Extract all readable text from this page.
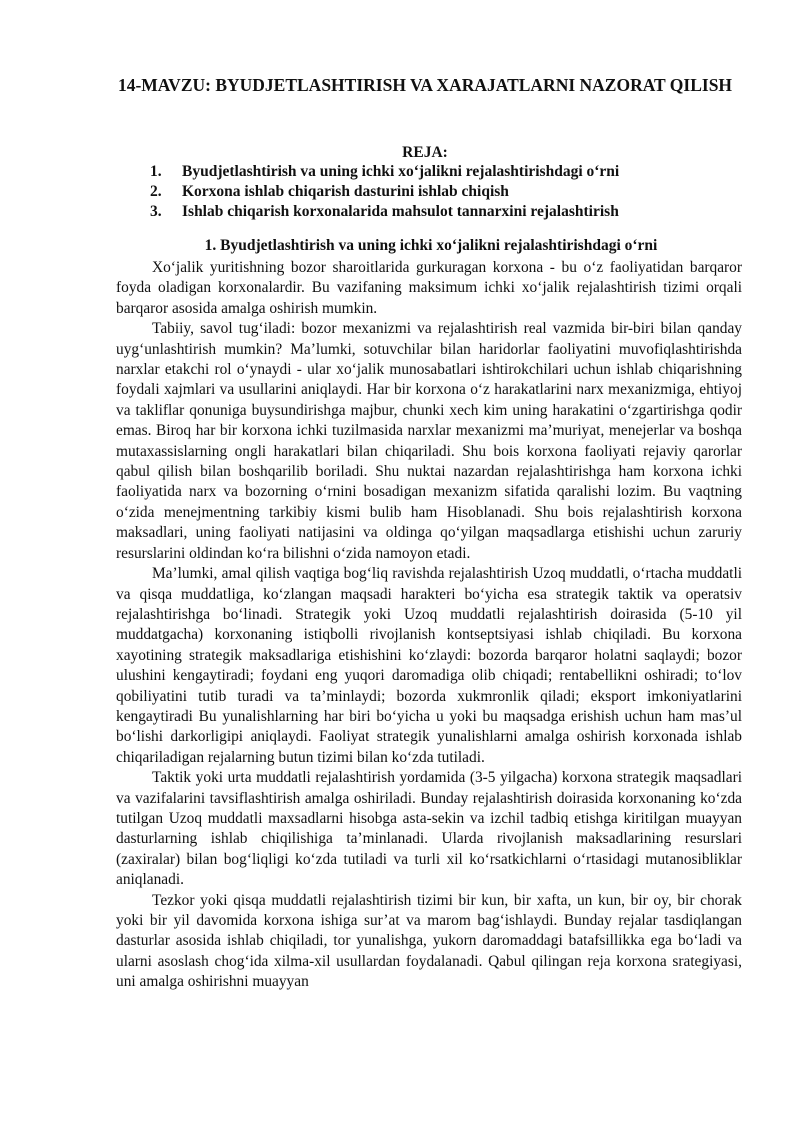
14-MAVZU: BYUDJETLASHTIRISH VA XARAJATLARNI NAZORAT QILISH
REJA:
1.	Byudjetlashtirish va uning ichki xo‘jalikni rejalashtirishdagi o‘rni
2.	Korxona ishlab chiqarish dasturini ishlab chiqish
3.	Ishlab chiqarish korxonalarida mahsulot tannarxini rejalashtirish
1. Byudjetlashtirish va uning ichki xo‘jalikni rejalashtirishdagi o‘rni

Xo‘jalik yuritishning bozor sharoitlarida gurkuragan korxona - bu o‘z faoliyatidan barqaror foyda oladigan korxonalardir. Bu vazifaning maksimum ichki xo‘jalik rejalashtirish tizimi orqali barqaror asosida amalga oshirish mumkin.

Tabiiy, savol tug‘iladi: bozor mexanizmi va rejalashtirish real vazmida bir-biri bilan qanday uyg‘unlashtirish mumkin? Ma’lumki, sotuvchilar bilan haridorlar faoliyatini muvofiqlashtirishda narxlar etakchi rol o‘ynaydi - ular xo‘jalik munosabatlari ishtirokchilari uchun ishlab chiqarishning foydali xajmlari va usullarini aniqlaydi. Har bir korxona o‘z harakatlarini narx mexanizmiga, ehtiyoj va takliflar qonuniga buysundirishga majbur, chunki xech kim uning harakatini o‘zgartirishga qodir emas. Biroq har bir korxona ichki tuzilmasida narxlar mexanizmi ma’muriyat, menejerlar va boshqa mutaxassislarning ongli harakatlari bilan chiqariladi. Shu bois korxona faoliyati rejaviy qarorlar qabul qilish bilan boshqarilib boriladi. Shu nuktai nazardan rejalashtirishga ham korxona ichki faoliyatida narx va bozorning o‘rnini bosadigan mexanizm sifatida qaralishi lozim. Bu vaqtning o‘zida menejmentning tarkibiy kismi bulib ham Hisoblanadi. Shu bois rejalashtirish korxona maksadlari, uning faoliyati natijasini va oldinga qo‘yilgan maqsadlarga etishishi uchun zaruriy resurslarini oldindan ko‘ra bilishni o‘zida namoyon etadi.

Ma’lumki, amal qilish vaqtiga bog‘liq ravishda rejalashtirish Uzoq muddatli, o‘rtacha muddatli va qisqa muddatliga, ko‘zlangan maqsadi harakteri bo‘yicha esa strategik taktik va operatsiv rejalashtirishga bo‘linadi. Strategik yoki Uzoq muddatli rejalashtirish doirasida (5-10 yil muddatgacha) korxonaning istiqbolli rivojlanish kontseptsiyasi ishlab chiqiladi. Bu korxona xayotining strategik maksadlariga etishishini ko‘zlaydi: bozorda barqaror holatni saqlaydi; bozor ulushini kengaytiradi; foydani eng yuqori daromadiga olib chiqadi; rentabellikni oshiradi; to‘lov qobiliyatini tutib turadi va ta’minlaydi; bozorda xukmronlik qiladi; eksport imkoniyatlarini kengaytiradi Bu yunalishlarning har biri bo‘yicha u yoki bu maqsadga erishish uchun ham mas’ul bo‘lishi darkorligipi aniqlaydi. Faoliyat strategik yunalishlarni amalga oshirish korxonada ishlab chiqariladigan rejalarning butun tizimi bilan ko‘zda tutiladi.

Taktik yoki urta muddatli rejalashtirish yordamida (3-5 yilgacha) korxona strategik maqsadlari va vazifalarini tavsiflashtirish amalga oshiriladi. Bunday rejalashtirish doirasida korxonaning ko‘zda tutilgan Uzoq muddatli maxsadlarni hisobga asta-sekin va izchil tadbiq etishga kiritilgan muayyan dasturlarning ishlab chiqilishiga ta’minlanadi. Ularda rivojlanish maksadlarining resurslari (zaxiralar) bilan bog‘liqligi ko‘zda tutiladi va turli xil ko‘rsatkichlarni o‘rtasidagi mutanosibliklar aniqlanadi.

Tezkor yoki qisqa muddatli rejalashtirish tizimi bir kun, bir xafta, un kun, bir oy, bir chorak yoki bir yil davomida korxona ishiga sur’at va marom bag‘ishlaydi. Bunday rejalar tasdiqlangan dasturlar asosida ishlab chiqiladi, tor yunalishga, yukorn daromaddagi batafsillikka ega bo‘ladi va ularni asoslash chog‘ida xilma-xil usullardan foydalanadi. Qabul qilingan reja korxona srategiyasi, uni amalga oshirishni muayyan
